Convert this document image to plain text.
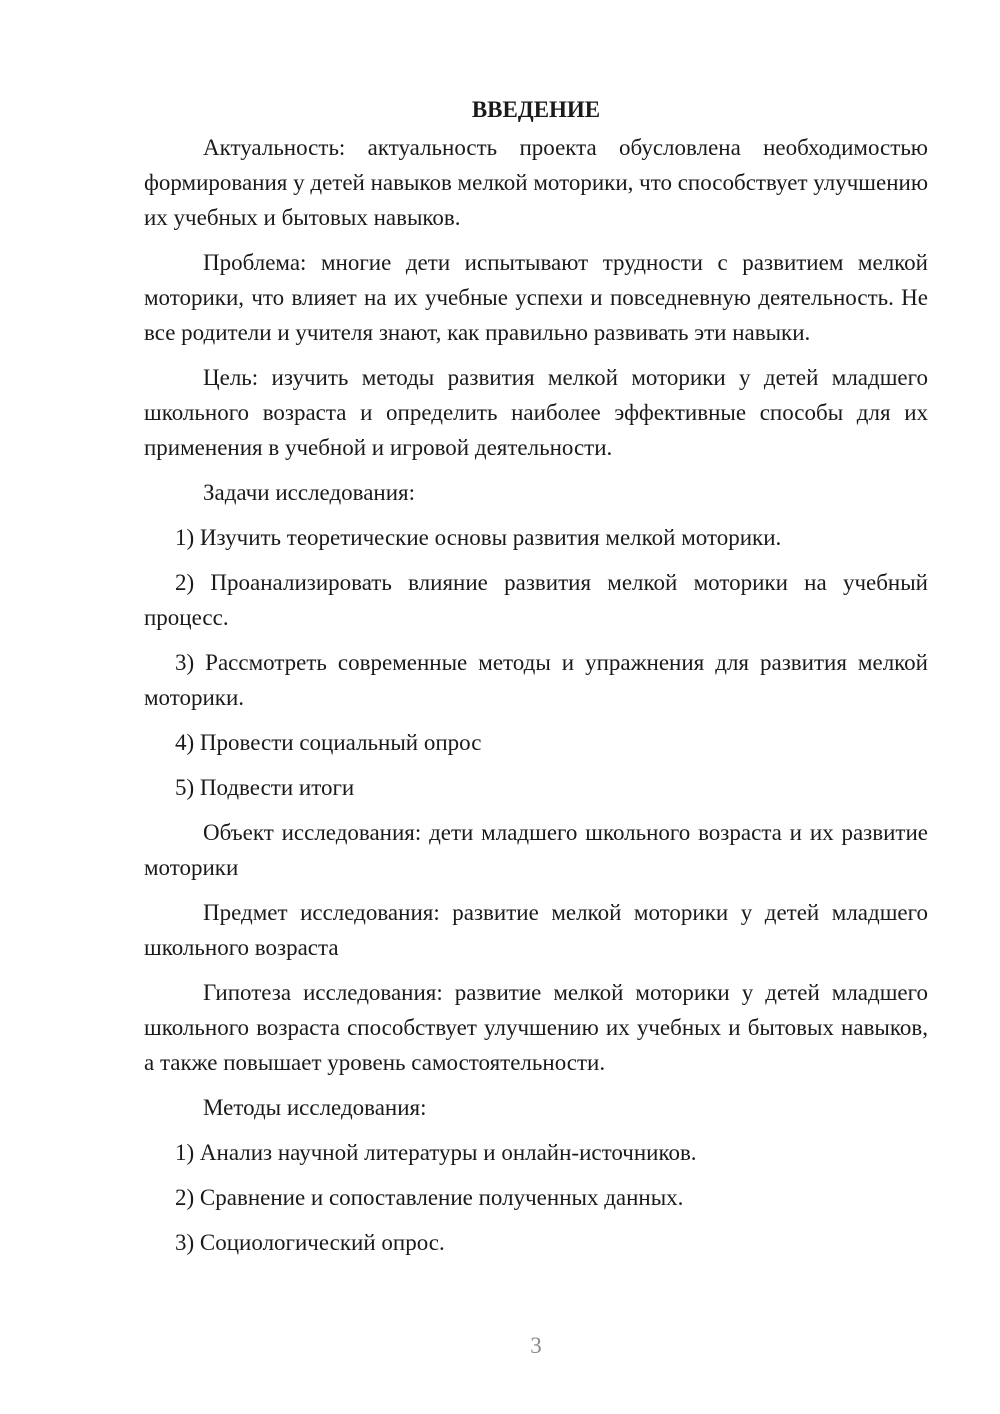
ВВЕДЕНИЕ

Актуальность: актуальность проекта обусловлена необходимостью формирования у детей навыков мелкой моторики, что способствует улучшению их учебных и бытовых навыков.

Проблема: многие дети испытывают трудности с развитием мелкой моторики, что влияет на их учебные успехи и повседневную деятельность. Не все родители и учителя знают, как правильно развивать эти навыки.

Цель: изучить методы развития мелкой моторики у детей младшего школьного возраста и определить наиболее эффективные способы для их применения в учебной и игровой деятельности.

Задачи исследования:

1) Изучить теоретические основы развития мелкой моторики.

2) Проанализировать влияние развития мелкой моторики на учебный процесс.

3) Рассмотреть современные методы и упражнения для развития мелкой моторики.

4) Провести социальный опрос

5) Подвести итоги

Объект исследования: дети младшего школьного возраста и их развитие моторики

Предмет исследования: развитие мелкой моторики у детей младшего школьного возраста

Гипотеза исследования: развитие мелкой моторики у детей младшего школьного возраста способствует улучшению их учебных и бытовых навыков, а также повышает уровень самостоятельности.

Методы исследования:

1) Анализ научной литературы и онлайн-источников.

2) Сравнение и сопоставление полученных данных.

3) Социологический опрос.

3
